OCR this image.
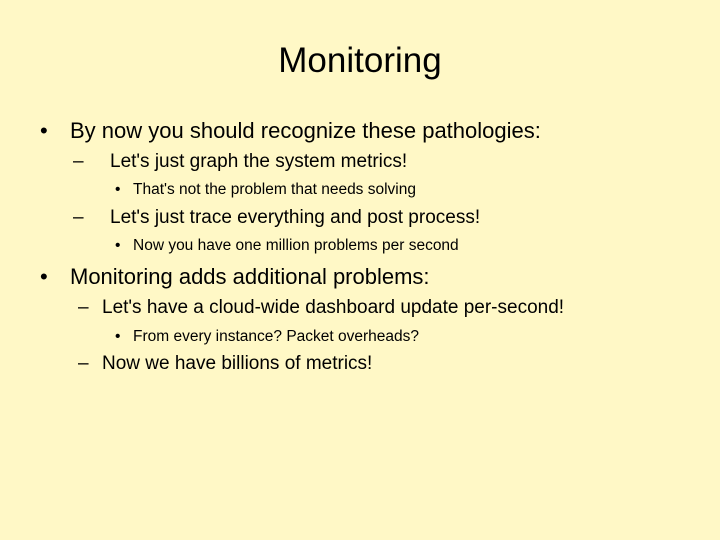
Monitoring
• By now you should recognize these pathologies:
– Let's just graph the system metrics!
• That's not the problem that needs solving
– Let's just trace everything and post process!
• Now you have one million problems per second
• Monitoring adds additional problems:
– Let's have a cloud-wide dashboard update per-second!
• From every instance? Packet overheads?
– Now we have billions of metrics!
